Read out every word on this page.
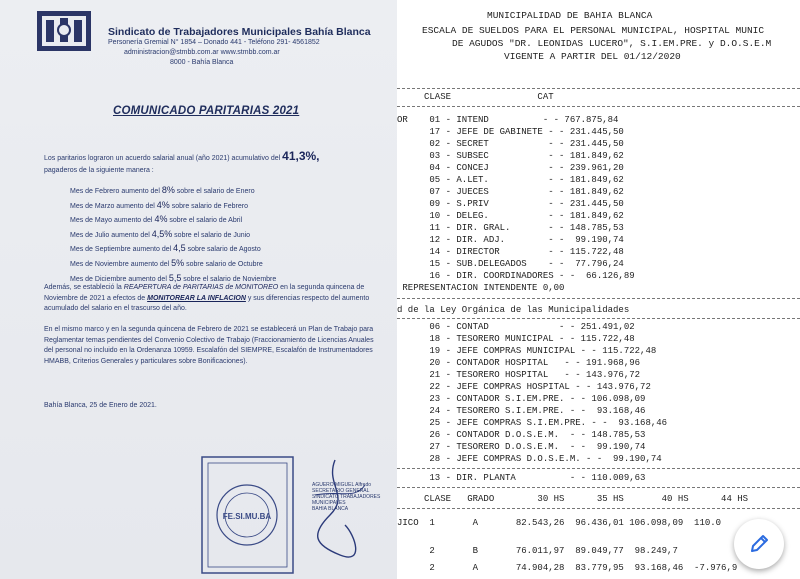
Sindicato de Trabajadores Municipales Bahía Blanca
Personería Gremial N° 1854 – Donado 441 - Teléfono 291- 4561852
administracion@stmbb.com.ar www.stmbb.com.ar
8000 - Bahía Blanca
COMUNICADO PARITARIAS 2021
Los paritarios lograron un acuerdo salarial anual (año 2021) acumulativo del 41,3%,
pagaderos de la siguiente manera :
Mes de Febrero aumento del 8% sobre el salario de Enero
Mes de Marzo aumento del 4% sobre salario de Febrero
Mes de Mayo aumento del 4% sobre el salario de Abril
Mes de Julio aumento del 4,5% sobre el salario de Junio
Mes de Septiembre aumento del 4,5 sobre salario de Agosto
Mes de Noviembre aumento del 5% sobre salario de Octubre
Mes de Diciembre aumento del 5,5 sobre el salario de Noviembre
Además, se estableció la REAPERTURA de PARITARIAS de MONITOREO en la segunda quincena de Noviembre de 2021 a efectos de MONITOREAR LA INFLACION y sus diferencias respecto del aumento acumulado del salario en el trascurso del año.
En el mismo marco y en la segunda quincena de Febrero de 2021 se establecerá un Plan de Trabajo para Reglamentar temas pendientes del Convenio Colectivo de Trabajo (Fraccionamiento de Licencias Anuales del personal no incluido en la Ordenanza 10959. Escalafón del SIEMPRE, Escalafón de Instrumentadores HMABB, Criterios Generales y particulares sobre Bonificaciones).
Bahía Blanca, 25 de Enero de 2021.
FE.SI.MU.BA
AGUERO MIGUEL Alfredo
SECRETARIO GENERAL
SINDICATO TRABAJADORES MUNICIPALES
BAHIA BLANCA
MUNICIPALIDAD DE BAHIA BLANCA
ESCALA DE SUELDOS PARA EL PERSONAL MUNICIPAL, HOSPITAL MUNIC
DE AGUDOS "DR. LEONIDAS LUCERO", S.I.EM.PRE. y D.O.S.E.M
VIGENTE A PARTIR DEL 01/12/2020
CLASE                CAT
OR    01 - INTEND          - - 767.875,84
17 - JEFE DE GABINETE - - 231.445,50
02 - SECRET           - - 231.445,50
03 - SUBSEC           - - 181.849,62
04 - CONCEJ           - - 239.961,20
05 - A.LET.           - - 181.849,62
07 - JUECES           - - 181.849,62
09 - S.PRIV           - - 231.445,50
10 - DELEG.           - - 181.849,62
11 - DIR. GRAL.       - - 148.785,53
12 - DIR. ADJ.        - -  99.190,74
14 - DIRECTOR         - - 115.722,48
15 - SUB.DELEGADOS    - -  77.796,24
16 - DIR. COORDINADORES - -  66.126,89
REPRESENTACION INTENDENTE 0,00
d de la Ley Orgánica de las Municipalidades
06 - CONTAD             - - 251.491,02
18 - TESORERO MUNICIPAL - - 115.722,48
19 - JEFE COMPRAS MUNICIPAL - - 115.722,48
20 - CONTADOR HOSPITAL   - - 191.968,96
21 - TESORERO HOSPITAL   - - 143.976,72
22 - JEFE COMPRAS HOSPITAL - - 143.976,72
23 - CONTADOR S.I.EM.PRE. - - 106.098,09
24 - TESORERO S.I.EM.PRE. - -  93.168,46
25 - JEFE COMPRAS S.I.EM.PRE. - -  93.168,46
26 - CONTADOR D.O.S.E.M.  - - 148.785,53
27 - TESORERO D.O.S.E.M.  - -  99.190,74
28 - JEFE COMPRAS D.O.S.E.M. - -  99.190,74
13 - DIR. PLANTA          - - 110.009,63
CLASE   GRADO        30 HS      35 HS       40 HS      44 HS
JICO  1       A       82.543,26  96.436,01 106.098,09  110.0
2       B       76.011,97  89.049,77  98.249,7
2       A       74.904,28  83.779,95  93.168,46  -7.976,9
